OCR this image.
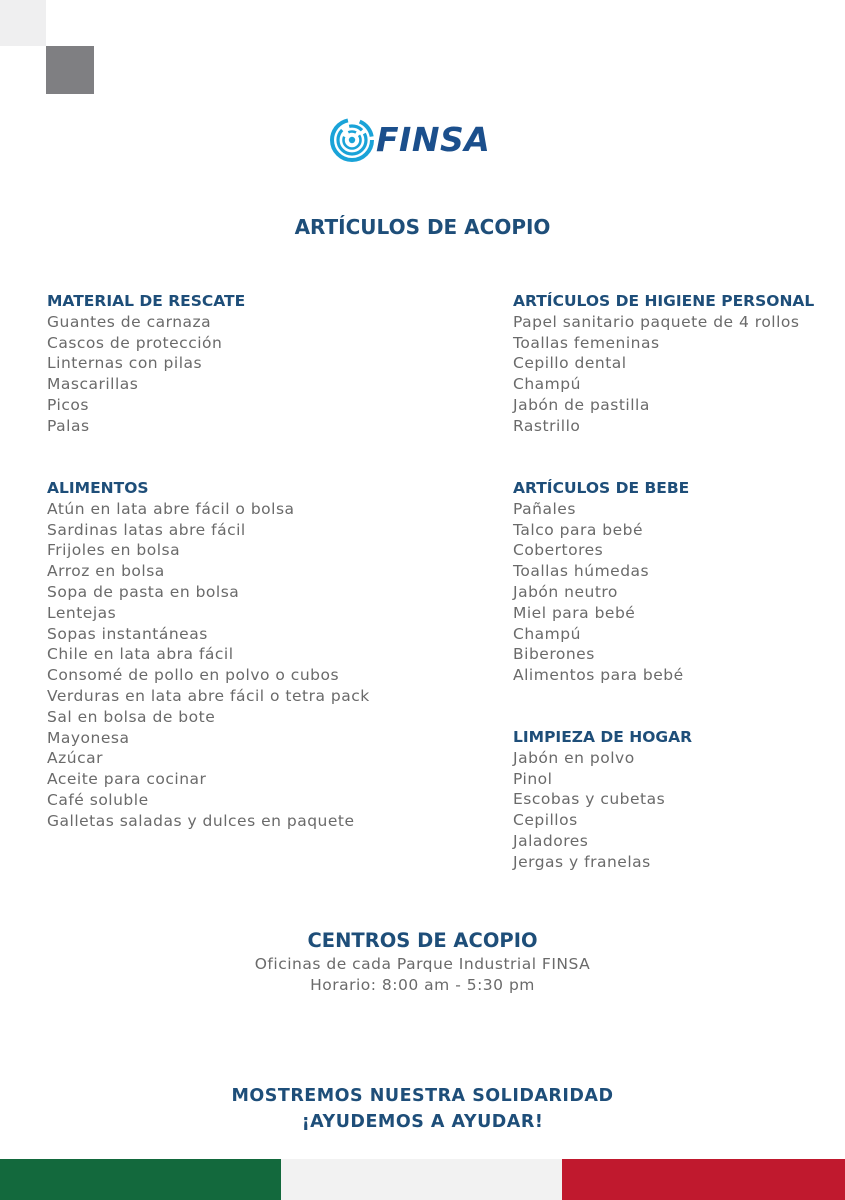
FINSA
ARTÍCULOS DE ACOPIO
MATERIAL DE RESCATE
Guantes de carnaza
Cascos de protección
Linternas con pilas
Mascarillas
Picos
Palas
ALIMENTOS
Atún en lata abre fácil o bolsa
Sardinas latas abre fácil
Frijoles en bolsa
Arroz en bolsa
Sopa de pasta en bolsa
Lentejas
Sopas instantáneas
Chile en lata abra fácil
Consomé de pollo en polvo o cubos
Verduras en lata abre fácil o tetra pack
Sal en bolsa de bote
Mayonesa
Azúcar
Aceite para cocinar
Café soluble
Galletas saladas y dulces en paquete
ARTÍCULOS DE HIGIENE PERSONAL
Papel sanitario paquete de 4 rollos
Toallas femeninas
Cepillo dental
Champú
Jabón de pastilla
Rastrillo
ARTÍCULOS DE BEBE
Pañales
Talco para bebé
Cobertores
Toallas húmedas
Jabón neutro
Miel para bebé
Champú
Biberones
Alimentos para bebé
LIMPIEZA DE HOGAR
Jabón en polvo
Pinol
Escobas y cubetas
Cepillos
Jaladores
Jergas y franelas
CENTROS DE ACOPIO
Oficinas de cada Parque Industrial FINSA
Horario: 8:00 am - 5:30 pm
MOSTREMOS NUESTRA SOLIDARIDAD
¡AYUDEMOS A AYUDAR!
